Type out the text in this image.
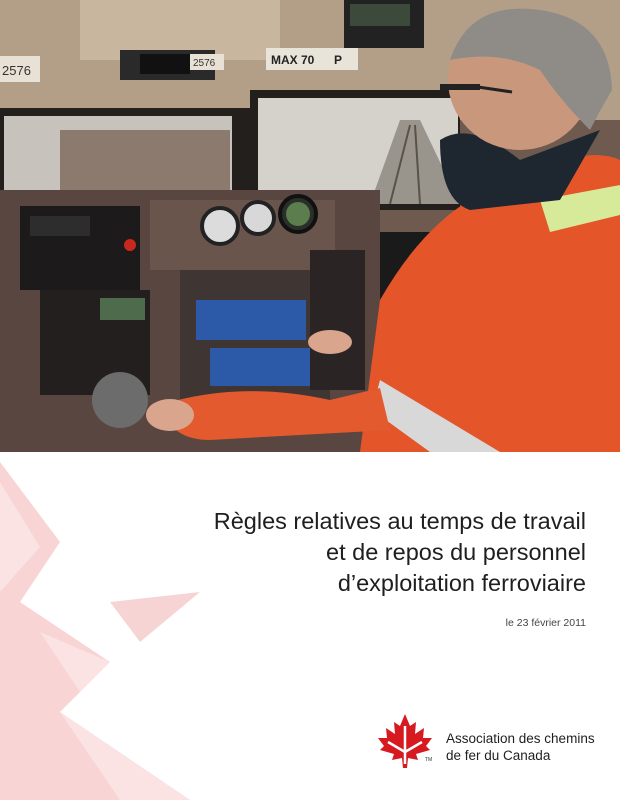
2576	2576	MAX 70 P
Règles relatives au temps de travail et de repos du personnel d’exploitation ferroviaire
le 23 février 2011
TM
Association des chemins
de fer du Canada
